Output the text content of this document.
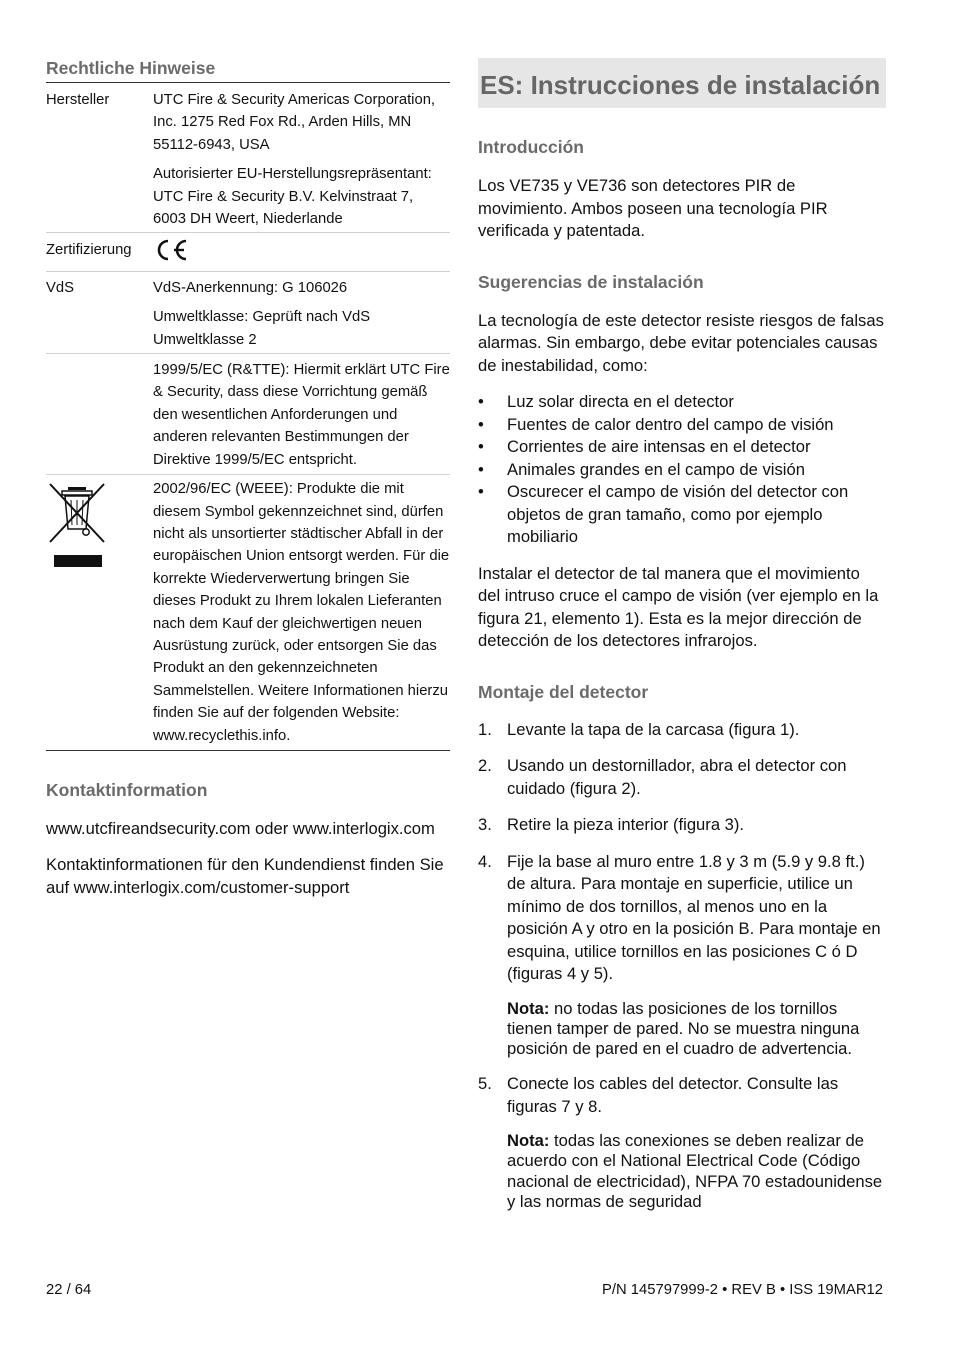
Rechtliche Hinweise
Hersteller	UTC Fire & Security Americas Corporation, Inc. 1275 Red Fox Rd., Arden Hills, MN 55112-6943, USA

Autorisierter EU-Herstellungsrepräsentant: UTC Fire & Security B.V. Kelvinstraat 7, 6003 DH Weert, Niederlande

Zertifizierung	
VdS	VdS-Anerkennung: G 106026

Umweltklasse: Geprüft nach VdS Umweltklasse 2

	1999/5/EC (R&TTE): Hiermit erklärt UTC Fire & Security, dass diese Vorrichtung gemäß den wesentlichen Anforderungen und anderen relevanten Bestimmungen der Direktive 1999/5/EC entspricht.

2002/96/EC (WEEE): Produkte die mit diesem Symbol gekennzeichnet sind, dürfen nicht als unsortierter städtischer Abfall in der europäischen Union entsorgt werden. Für die korrekte Wiederverwertung bringen Sie dieses Produkt zu Ihrem lokalen Lieferanten nach dem Kauf der gleichwertigen neuen Ausrüstung zurück, oder entsorgen Sie das Produkt an den gekennzeichneten Sammelstellen. Weitere Informationen hierzu finden Sie auf der folgenden Website: www.recyclethis.info.

Kontaktinformation

www.utcfireandsecurity.com oder www.interlogix.com

Kontaktinformationen für den Kundendienst finden Sie auf www.interlogix.com/customer-support

ES: Instrucciones de instalación
Introducción

Los VE735 y VE736 son detectores PIR de movimiento. Ambos poseen una tecnología PIR verificada y patentada.

Sugerencias de instalación

La tecnología de este detector resiste riesgos de falsas alarmas. Sin embargo, debe evitar potenciales causas de inestabilidad, como:

• Luz solar directa en el detector
• Fuentes de calor dentro del campo de visión
• Corrientes de aire intensas en el detector
• Animales grandes en el campo de visión
• Oscurecer el campo de visión del detector con objetos de gran tamaño, como por ejemplo mobiliario

Instalar el detector de tal manera que el movimiento del intruso cruce el campo de visión (ver ejemplo en la figura 21, elemento 1). Esta es la mejor dirección de detección de los detectores infrarojos.

Montaje del detector
1. Levante la tapa de la carcasa (figura 1).
2. Usando un destornillador, abra el detector con cuidado (figura 2).
3. Retire la pieza interior (figura 3).
4. Fije la base al muro entre 1.8 y 3 m (5.9 y 9.8 ft.) de altura. Para montaje en superficie, utilice un mínimo de dos tornillos, al menos uno en la posición A y otro en la posición B. Para montaje en esquina, utilice tornillos en las posiciones C ó D (figuras 4 y 5).

Nota: no todas las posiciones de los tornillos tienen tamper de pared. No se muestra ninguna posición de pared en el cuadro de advertencia.

5. Conecte los cables del detector. Consulte las figuras 7 y 8.

Nota: todas las conexiones se deben realizar de acuerdo con el National Electrical Code (Código nacional de electricidad), NFPA 70 estadounidense y las normas de seguridad

22 / 64	P/N 145797999-2 • REV B • ISS 19MAR12
